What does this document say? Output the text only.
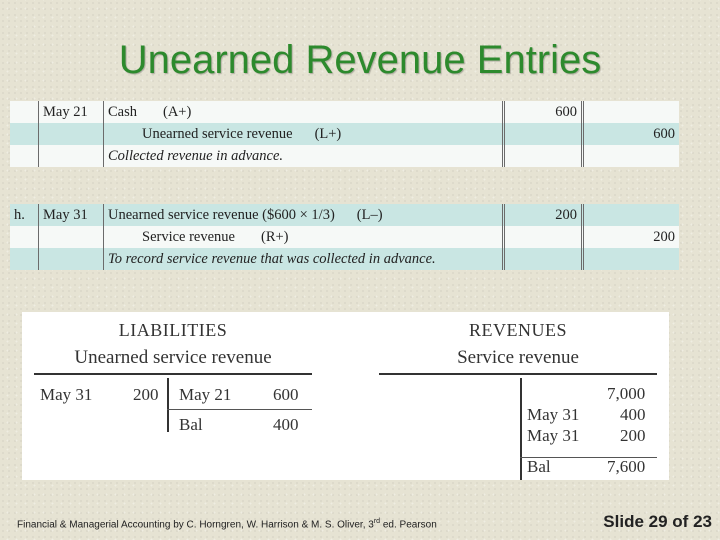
Unearned Revenue Entries
	May 21	Cash (A+)	600	
		Unearned service revenue (L+)		600
		Collected revenue in advance.		
h.	May 31	Unearned service revenue ($600 × 1/3) (L–)	200	
		Service revenue (R+)		200
		To record service revenue that was collected in advance.		
LIABILITIES
Unearned service revenue
May 31 200 May 21 600
Bal	400
REVENUES
Service revenue
7,000
May 31 400
May 31 200
Bal	7,600
Financial & Managerial Accounting by C. Horngren, W. Harrison & M. S. Oliver, 3rd ed. Pearson	Slide 29 of 23
